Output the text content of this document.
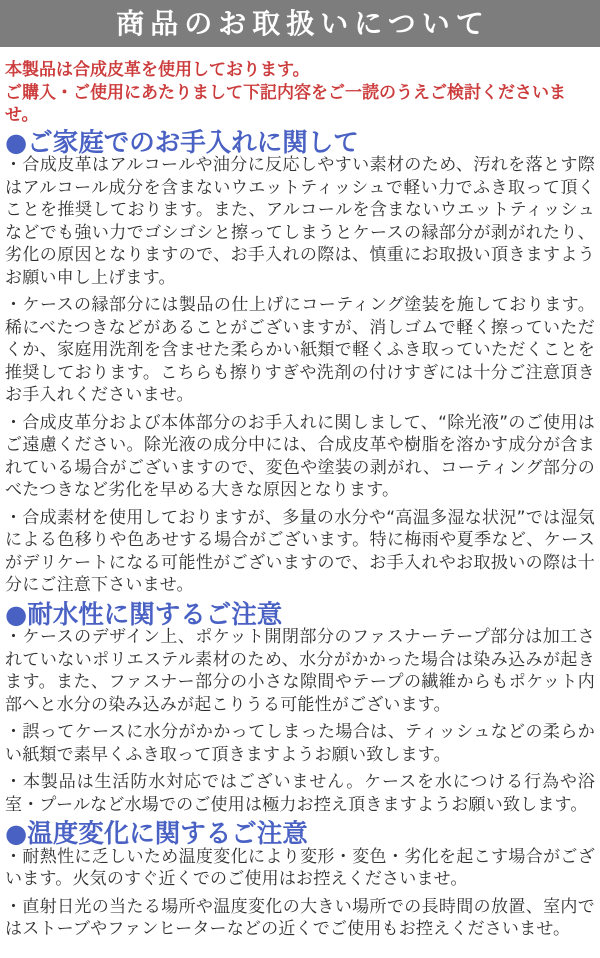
商品のお取扱いについて
本製品は合成皮革を使用しております。
ご購入・ご使用にあたりまして下記内容をご一読のうえご検討くださいませ。
● ご家庭でのお手入れに関して

・合成皮革はアルコールや油分に反応しやすい素材のため、汚れを落とす際はアルコール成分を含まないウエットティッシュで軽い力でふき取って頂くことを推奨しております。また、アルコールを含まないウエットティッシュなどでも強い力でゴシゴシと擦ってしまうとケースの縁部分が剥がれたり、劣化の原因となりますので、お手入れの際は、慎重にお取扱い頂きますようお願い申し上げます。

・ケースの縁部分には製品の仕上げにコーティング塗装を施しております。稀にべたつきなどがあることがございますが、消しゴムで軽く擦っていただくか、家庭用洗剤を含ませた柔らかい紙類で軽くふき取っていただくことを推奨しております。こちらも擦りすぎや洗剤の付けすぎには十分ご注意頂きお手入れくださいませ。

・合成皮革分および本体部分のお手入れに関しまして、“除光液”のご使用はご遠慮ください。除光液の成分中には、合成皮革や樹脂を溶かす成分が含まれている場合がございますので、変色や塗装の剥がれ、コーティング部分のべたつきなど劣化を早める大きな原因となります。

・合成素材を使用しておりますが、多量の水分や“高温多湿な状況”では湿気による色移りや色あせする場合がございます。特に梅雨や夏季など、ケースがデリケートになる可能性がございますので、お手入れやお取扱いの際は十分にご注意下さいませ。

● 耐水性に関するご注意

・ケースのデザイン上、ポケット開閉部分のファスナーテープ部分は加工されていないポリエステル素材のため、水分がかかった場合は染み込みが起きます。また、ファスナー部分の小さな隙間やテープの繊維からもポケット内部へと水分の染み込みが起こりうる可能性がございます。

・誤ってケースに水分がかかってしまった場合は、ティッシュなどの柔らかい紙類で素早くふき取って頂きますようお願い致します。

・本製品は生活防水対応ではございません。ケースを水につける行為や浴室・プールなど水場でのご使用は極力お控え頂きますようお願い致します。

● 温度変化に関するご注意

・耐熱性に乏しいため温度変化により変形・変色・劣化を起こす場合がございます。火気のすぐ近くでのご使用はお控えくださいませ。

・直射日光の当たる場所や温度変化の大きい場所での長時間の放置、室内ではストーブやファンヒーターなどの近くでご使用もお控えくださいませ。
